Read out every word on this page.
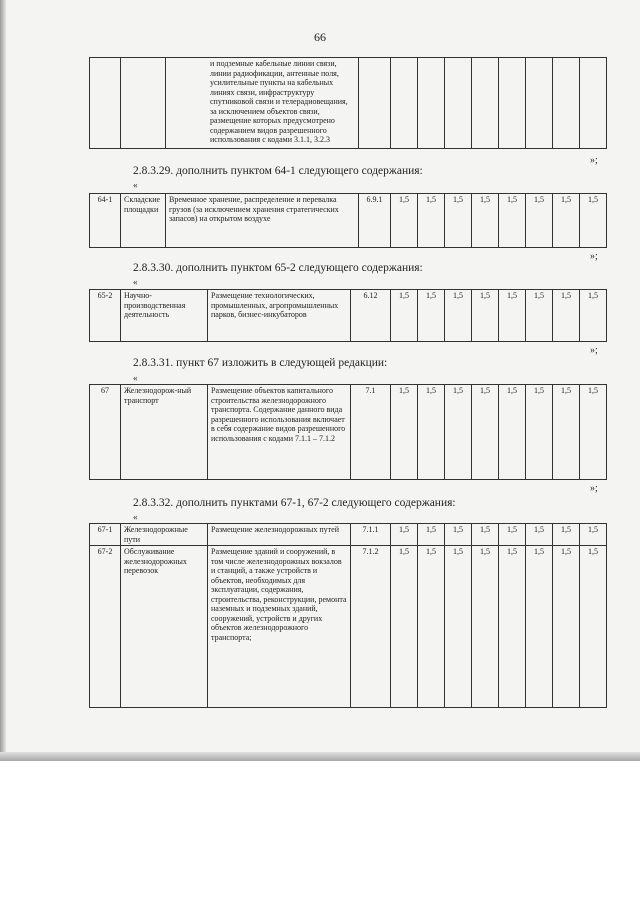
66
		и подземные кабельные линии связи, линии радиофикации, антенные поля, усилительные пункты на кабельных линиях связи, инфраструктуру спутниковой связи и телерадиовещания, за исключением объектов связи, размещение которых предусмотрено содержанием видов разрешенного использования с кодами 3.1.1, 3.2.3									
»;
2.8.3.29. дополнить пунктом 64-1 следующего содержания:
«
64-1	Складские площадки	Временное хранение, распределение и перевалка грузов (за исключением хранения стратегических запасов) на открытом воздухе	6.9.1	1,5	1,5	1,5	1,5	1,5	1,5	1,5	1,5
»;
2.8.3.30. дополнить пунктом 65-2 следующего содержания:
«
65-2	Научно-производственная деятельность	Размещение технологических, промышленных, агропромышленных парков, бизнес-инкубаторов	6.12	1,5	1,5	1,5	1,5	1,5	1,5	1,5	1,5
»;
2.8.3.31. пункт 67 изложить в следующей редакции:
«
67	Железнодорож-ный транспорт	Размещение объектов капитального строительства железнодорожного транспорта. Содержание данного вида разрешенного использования включает в себя содержание видов разрешенного использования с кодами 7.1.1 – 7.1.2	7.1	1,5	1,5	1,5	1,5	1,5	1,5	1,5	1,5
»;
2.8.3.32. дополнить пунктами 67-1, 67-2 следующего содержания:
«
67-1	Железнодорожные пути	Размещение железнодорожных путей	7.1.1	1,5	1,5	1,5	1,5	1,5	1,5	1,5	1,5
67-2	Обслуживание железнодорожных перевозок	Размещение зданий и сооружений, в том числе железнодорожных вокзалов и станций, а также устройств и объектов, необходимых для эксплуатации, содержания, строительства, реконструкции, ремонта наземных и подземных зданий, сооружений, устройств и других объектов железнодорожного транспорта;	7.1.2	1,5	1,5	1,5	1,5	1,5	1,5	1,5	1,5
